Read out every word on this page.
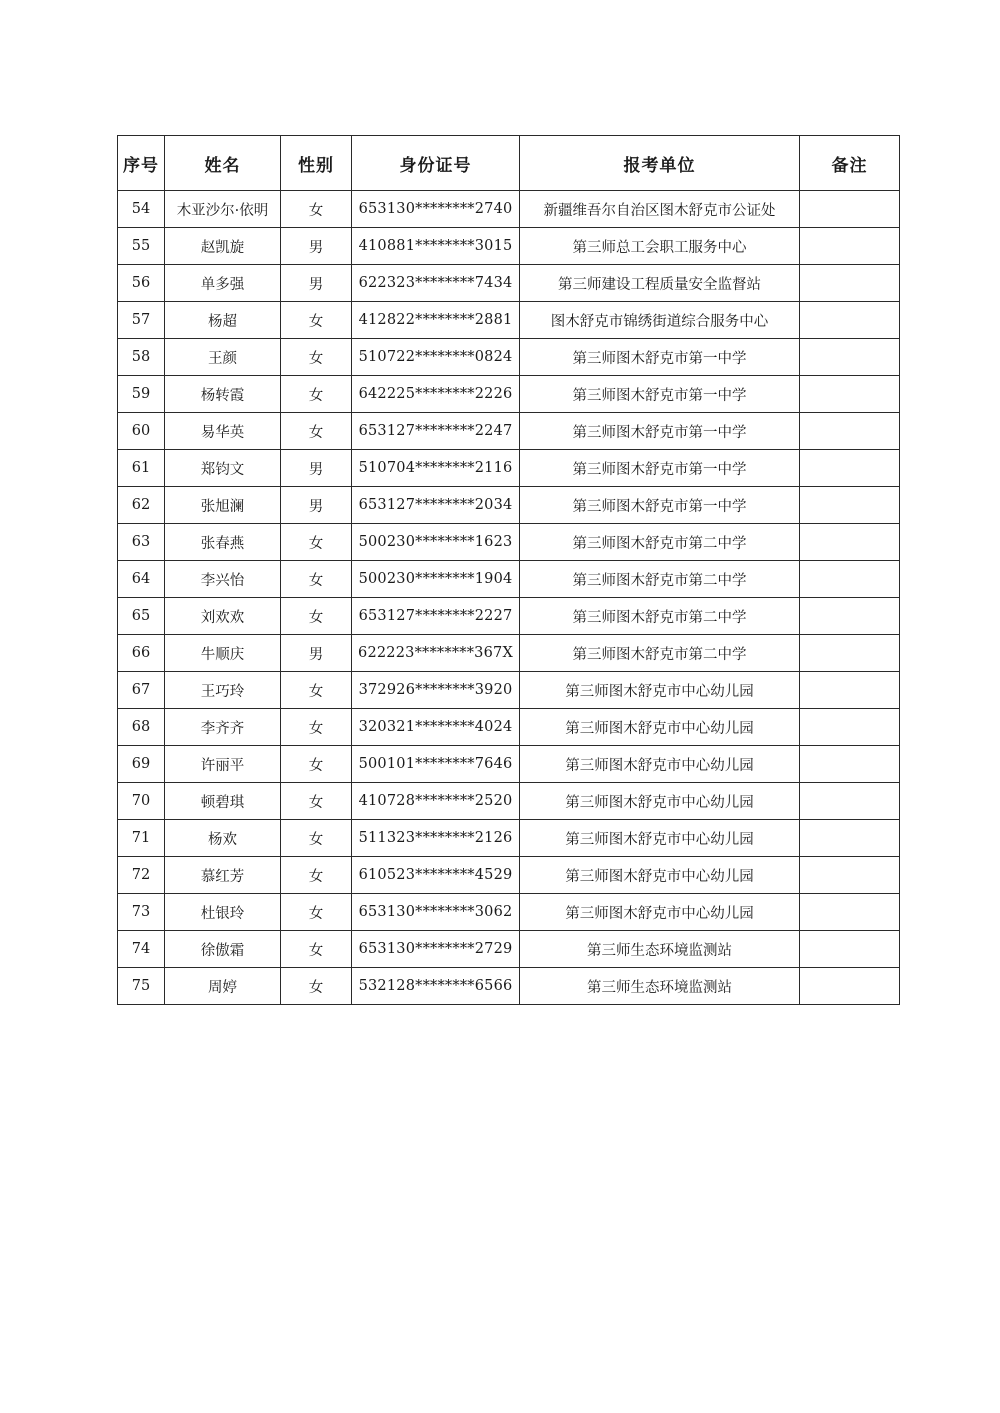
序号	姓名	性别	身份证号	报考单位	备注
54	木亚沙尔·依明	女	653130********2740	新疆维吾尔自治区图木舒克市公证处	
55	赵凯旋	男	410881********3015	第三师总工会职工服务中心	
56	单多强	男	622323********7434	第三师建设工程质量安全监督站	
57	杨超	女	412822********2881	图木舒克市锦绣街道综合服务中心	
58	王颜	女	510722********0824	第三师图木舒克市第一中学	
59	杨转霞	女	642225********2226	第三师图木舒克市第一中学	
60	易华英	女	653127********2247	第三师图木舒克市第一中学	
61	郑钧文	男	510704********2116	第三师图木舒克市第一中学	
62	张旭澜	男	653127********2034	第三师图木舒克市第一中学	
63	张春燕	女	500230********1623	第三师图木舒克市第二中学	
64	李兴怡	女	500230********1904	第三师图木舒克市第二中学	
65	刘欢欢	女	653127********2227	第三师图木舒克市第二中学	
66	牛顺庆	男	622223********367X	第三师图木舒克市第二中学	
67	王巧玲	女	372926********3920	第三师图木舒克市中心幼儿园	
68	李齐齐	女	320321********4024	第三师图木舒克市中心幼儿园	
69	许丽平	女	500101********7646	第三师图木舒克市中心幼儿园	
70	顿碧琪	女	410728********2520	第三师图木舒克市中心幼儿园	
71	杨欢	女	511323********2126	第三师图木舒克市中心幼儿园	
72	慕红芳	女	610523********4529	第三师图木舒克市中心幼儿园	
73	杜银玲	女	653130********3062	第三师图木舒克市中心幼儿园	
74	徐傲霜	女	653130********2729	第三师生态环境监测站	
75	周婷	女	532128********6566	第三师生态环境监测站	
